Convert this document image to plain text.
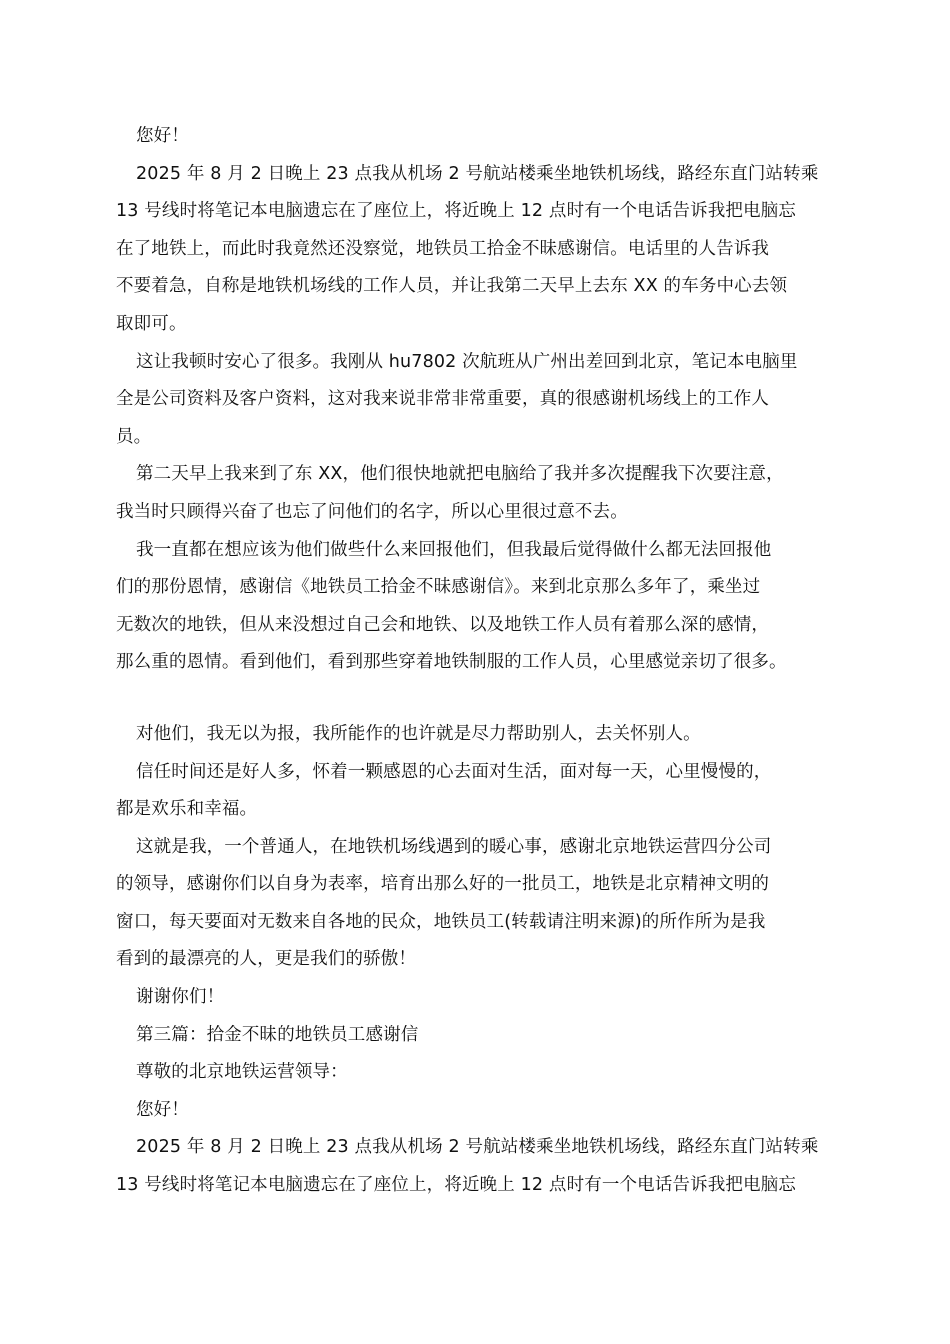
您好！

2025 年 8 月 2 日晚上 23 点我从机场 2 号航站楼乘坐地铁机场线，路经东直门站转乘
13 号线时将笔记本电脑遗忘在了座位上，将近晚上 12 点时有一个电话告诉我把电脑忘
在了地铁上，而此时我竟然还没察觉，地铁员工拾金不昧感谢信。电话里的人告诉我
不要着急，自称是地铁机场线的工作人员，并让我第二天早上去东 XX 的车务中心去领
取即可。

这让我顿时安心了很多。我刚从 hu7802 次航班从广州出差回到北京，笔记本电脑里
全是公司资料及客户资料，这对我来说非常非常重要，真的很感谢机场线上的工作人
员。

第二天早上我来到了东 XX，他们很快地就把电脑给了我并多次提醒我下次要注意，
我当时只顾得兴奋了也忘了问他们的名字，所以心里很过意不去。

我一直都在想应该为他们做些什么来回报他们，但我最后觉得做什么都无法回报他
们的那份恩情，感谢信《地铁员工拾金不昧感谢信》。来到北京那么多年了，乘坐过
无数次的地铁，但从来没想过自己会和地铁、以及地铁工作人员有着那么深的感情，
那么重的恩情。看到他们，看到那些穿着地铁制服的工作人员，心里感觉亲切了很多。

对他们，我无以为报，我所能作的也许就是尽力帮助别人，去关怀别人。

信任时间还是好人多，怀着一颗感恩的心去面对生活，面对每一天，心里慢慢的，
都是欢乐和幸福。

这就是我，一个普通人，在地铁机场线遇到的暖心事，感谢北京地铁运营四分公司
的领导，感谢你们以自身为表率，培育出那么好的一批员工，地铁是北京精神文明的
窗口，每天要面对无数来自各地的民众，地铁员工(转载请注明来源)的所作所为是我
看到的最漂亮的人，更是我们的骄傲！

谢谢你们！

第三篇：拾金不昧的地铁员工感谢信

尊敬的北京地铁运营领导：

您好！

2025 年 8 月 2 日晚上 23 点我从机场 2 号航站楼乘坐地铁机场线，路经东直门站转乘
13 号线时将笔记本电脑遗忘在了座位上，将近晚上 12 点时有一个电话告诉我把电脑忘
